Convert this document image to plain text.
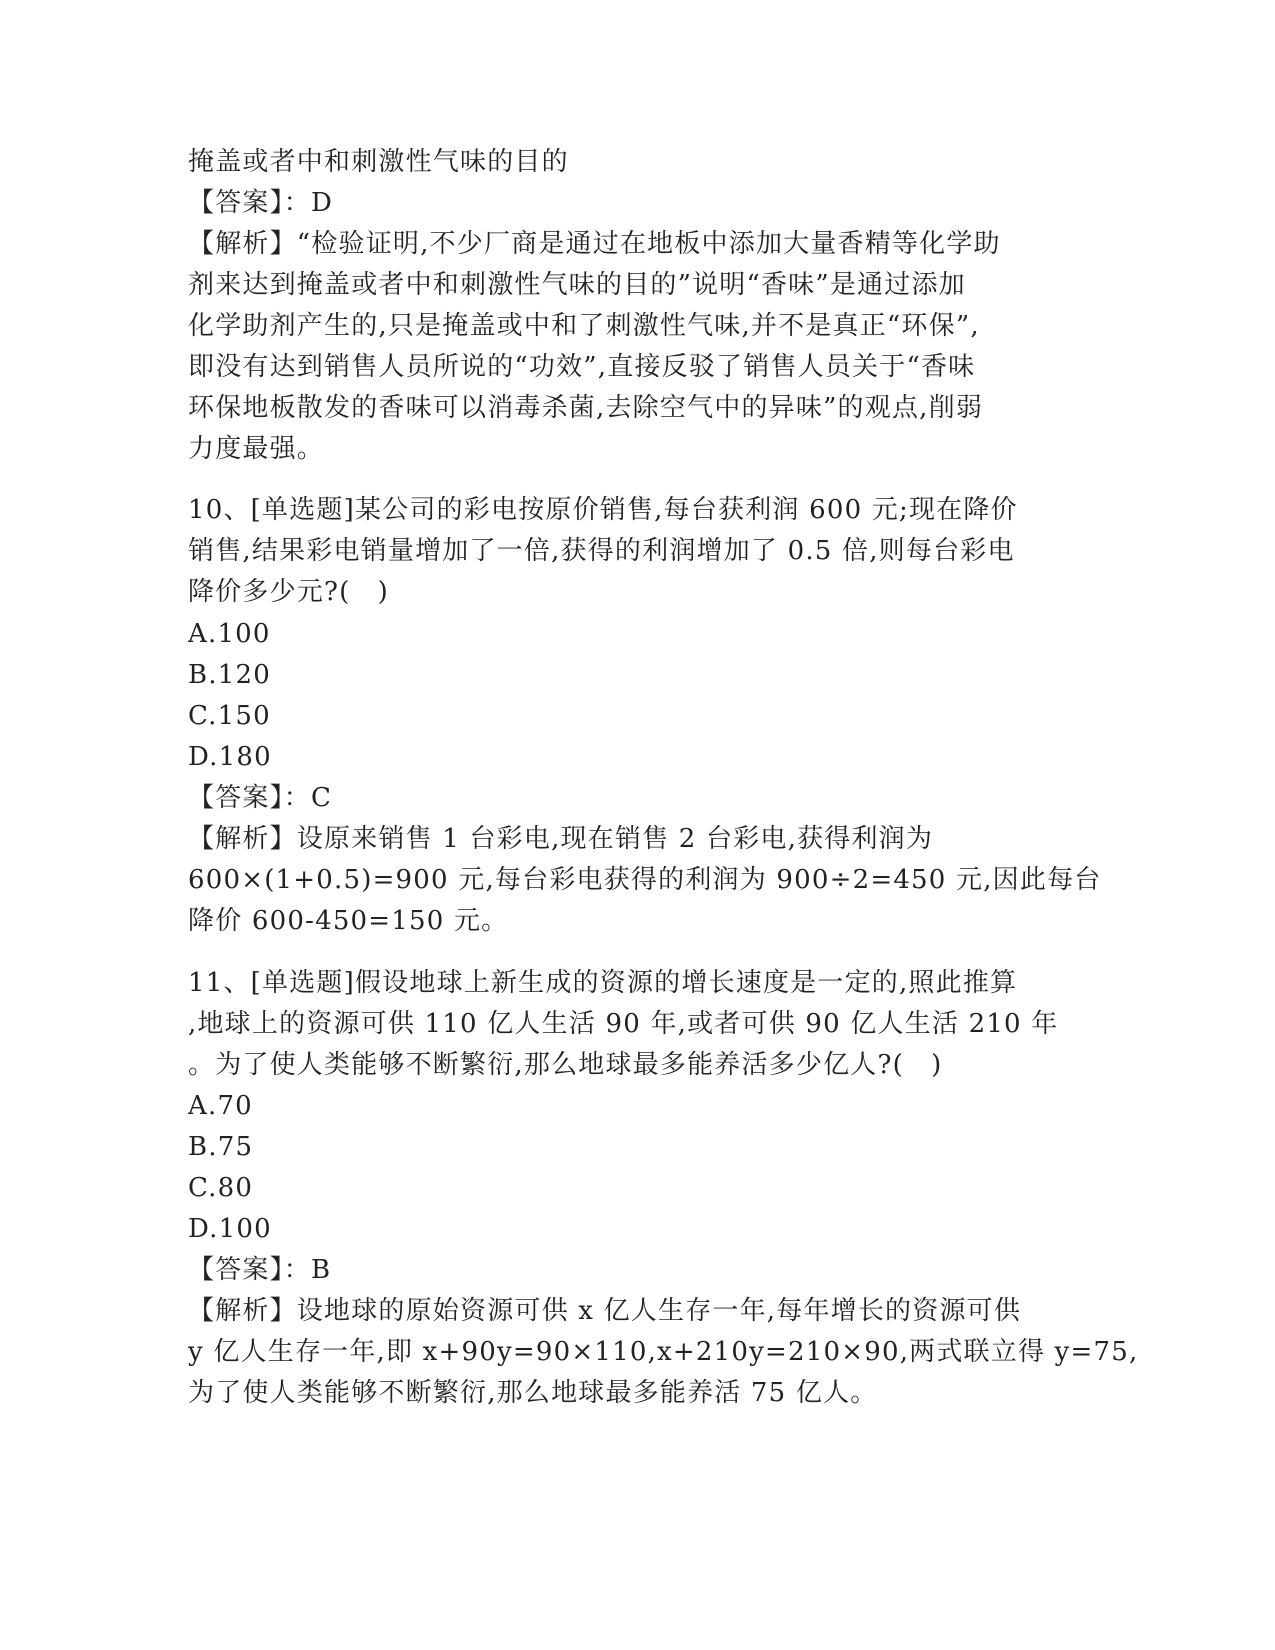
掩盖或者中和刺激性气味的目的
【答案】：D
【解析】“检验证明,不少厂商是通过在地板中添加大量香精等化学助
剂来达到掩盖或者中和刺激性气味的目的”说明“香味”是通过添加
化学助剂产生的,只是掩盖或中和了刺激性气味,并不是真正“环保”,
即没有达到销售人员所说的“功效”,直接反驳了销售人员关于“香味
环保地板散发的香味可以消毒杀菌,去除空气中的异味”的观点,削弱
力度最强。
10、[单选题]某公司的彩电按原价销售,每台获利润 600 元;现在降价
销售,结果彩电销量增加了一倍,获得的利润增加了 0.5 倍,则每台彩电
降价多少元?(　)
A.100
B.120
C.150
D.180
【答案】：C
【解析】设原来销售 1 台彩电,现在销售 2 台彩电,获得利润为
600×(1+0.5)=900 元,每台彩电获得的利润为 900÷2=450 元,因此每台
降价 600-450=150 元。
11、[单选题]假设地球上新生成的资源的增长速度是一定的,照此推算
,地球上的资源可供 110 亿人生活 90 年,或者可供 90 亿人生活 210 年
。为了使人类能够不断繁衍,那么地球最多能养活多少亿人?(　)
A.70
B.75
C.80
D.100
【答案】：B
【解析】设地球的原始资源可供 x 亿人生存一年,每年增长的资源可供
y 亿人生存一年,即 x+90y=90×110,x+210y=210×90,两式联立得 y=75,
为了使人类能够不断繁衍,那么地球最多能养活 75 亿人。
